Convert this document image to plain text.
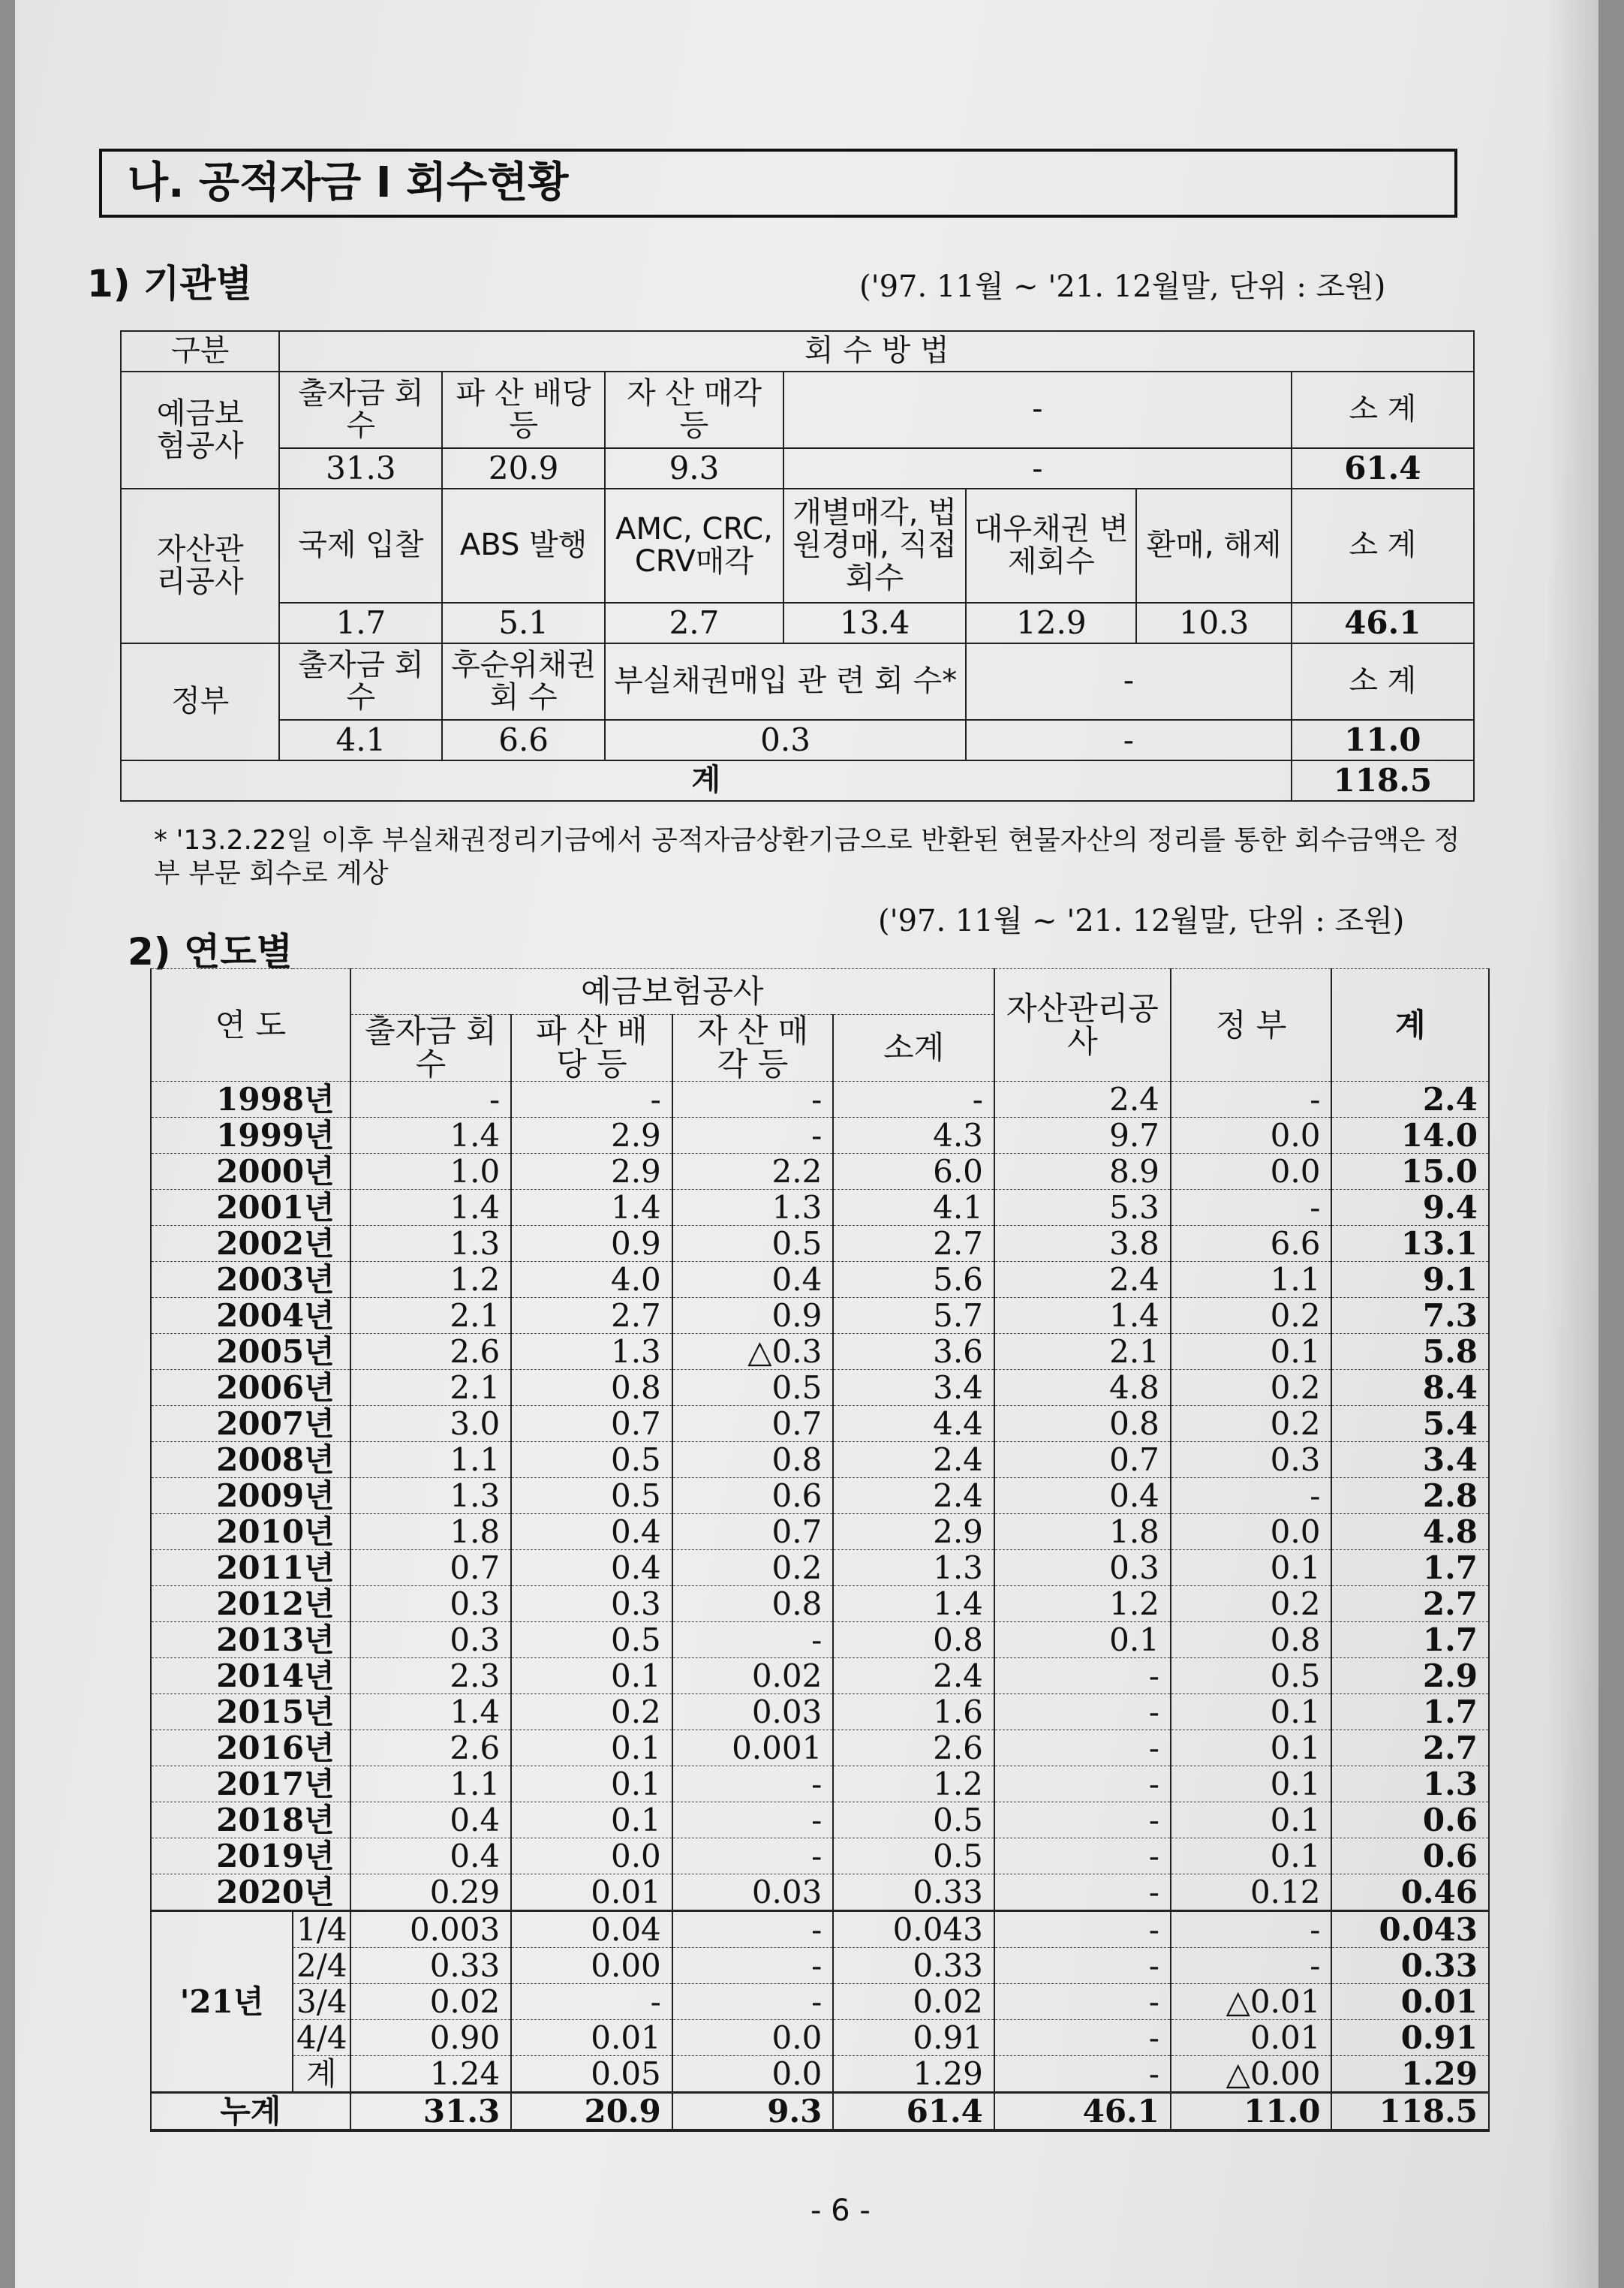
나. 공적자금 Ⅰ 회수현황
1) 기관별	('97. 11월 ~ '21. 12월말, 단위 : 조원)
구분	회 수 방 법						
예금보험공사	출자금 회 수	파 산 배당 등	자 산 매각 등	-			소 계
	31.3	20.9	9.3	-			61.4
자산관리공사	국제 입찰	ABS 발행	AMC, CRC, CRV매각	개별매각, 법원경매, 직접회수	대우채권 변제회수	환매, 해제	소 계
	1.7	5.1	2.7	13.4	12.9	10.3	46.1
정부	출자금 회 수	후순위채권 회 수	부실채권매입 관 련 회 수*		-		소 계
	4.1	6.6	0.3		-		11.0
계							118.5
* '13.2.22일 이후 부실채권정리기금에서 공적자금상환기금으로 반환된 현물자산의 정리를 통한 회수금액은 정부 부문 회수로 계상
2) 연도별
('97. 11월 ~ '21. 12월말, 단위 : 조원)
연 도		예금보험공사				자산관리공사	정 부	계
		출자금 회 수	파 산 배당 등	자 산 매각 등	소계			
1998년		-	-	-	-	2.4	-	2.4
1999년		1.4	2.9	-	4.3	9.7	0.0	14.0
2000년		1.0	2.9	2.2	6.0	8.9	0.0	15.0
2001년		1.4	1.4	1.3	4.1	5.3	-	9.4
2002년		1.3	0.9	0.5	2.7	3.8	6.6	13.1
2003년		1.2	4.0	0.4	5.6	2.4	1.1	9.1
2004년		2.1	2.7	0.9	5.7	1.4	0.2	7.3
2005년		2.6	1.3	△0.3	3.6	2.1	0.1	5.8
2006년		2.1	0.8	0.5	3.4	4.8	0.2	8.4
2007년		3.0	0.7	0.7	4.4	0.8	0.2	5.4
2008년		1.1	0.5	0.8	2.4	0.7	0.3	3.4
2009년		1.3	0.5	0.6	2.4	0.4	-	2.8
2010년		1.8	0.4	0.7	2.9	1.8	0.0	4.8
2011년		0.7	0.4	0.2	1.3	0.3	0.1	1.7
2012년		0.3	0.3	0.8	1.4	1.2	0.2	2.7
2013년		0.3	0.5	-	0.8	0.1	0.8	1.7
2014년		2.3	0.1	0.02	2.4	-	0.5	2.9
2015년		1.4	0.2	0.03	1.6	-	0.1	1.7
2016년		2.6	0.1	0.001	2.6	-	0.1	2.7
2017년		1.1	0.1	-	1.2	-	0.1	1.3
2018년		0.4	0.1	-	0.5	-	0.1	0.6
2019년		0.4	0.0	-	0.5	-	0.1	0.6
2020년		0.29	0.01	0.03	0.33	-	0.12	0.46
'21년	1/4	0.003	0.04	-	0.043	-	-	0.043
	2/4	0.33	0.00	-	0.33	-	-	0.33
	3/4	0.02	-	-	0.02	-	△0.01	0.01
	4/4	0.90	0.01	0.0	0.91	-	0.01	0.91
	계	1.24	0.05	0.0	1.29	-	△0.00	1.29
누계		31.3	20.9	9.3	61.4	46.1	11.0	118.5
- 6 -
